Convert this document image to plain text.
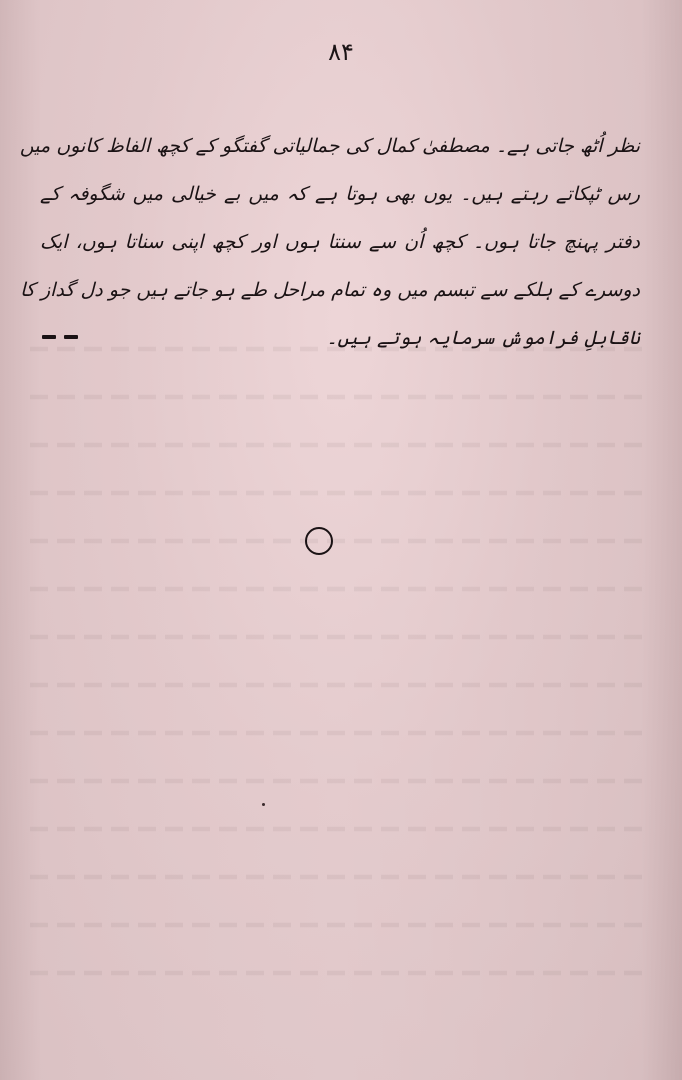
۸۴
نظر اُٹھ جاتی ہے۔ مصطفیٰ کمال کی جمالیاتی گفتگو کے کچھ الفاظ کانوں میں
رس ٹپکاتے رہتے ہیں۔ یوں بھی ہوتا ہے کہ میں بے خیالی میں شگوفہ کے
دفتر پہنچ جاتا ہوں۔ کچھ اُن سے سنتا ہوں اور کچھ اپنی سناتا ہوں، ایک
دوسرے کے ہلکے سے تبسم میں وہ تمام مراحل طے ہو جاتے ہیں جو دل گداز کا
ناقابلِ فراموش سرمایہ ہوتے ہیں۔
